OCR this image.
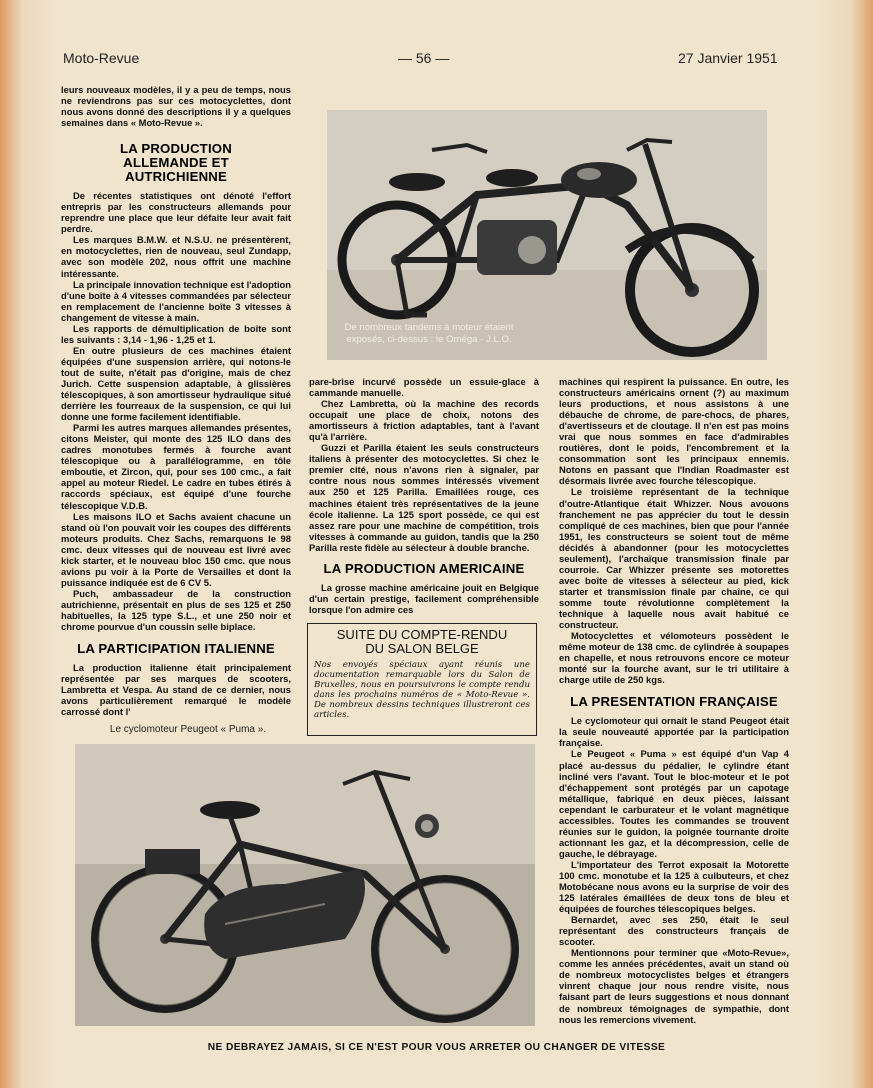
Moto-Revue	— 56 —	27 Janvier 1951

leurs nouveaux modèles, il y a peu de temps, nous ne reviendrons pas sur ces motocyclettes, dont nous avons donné des descriptions il y a quelques semaines dans « Moto-Revue ».

LA PRODUCTION ALLEMANDE ET AUTRICHIENNE

De récentes statistiques ont dénoté l'effort entrepris par les constructeurs allemands pour reprendre une place que leur défaite leur avait fait perdre.

Les marques B.M.W. et N.S.U. ne présentèrent, en motocyclettes, rien de nouveau, seul Zundapp, avec son modèle 202, nous offrit une machine intéressante.

La principale innovation technique est l'adoption d'une boîte à 4 vitesses commandées par sélecteur en remplacement de l'ancienne boîte 3 vitesses à changement de vitesse à main.

Les rapports de démultiplication de boîte sont les suivants : 3,14 - 1,96 - 1,25 et 1.

En outre plusieurs de ces machines étaient équipées d'une suspension arrière, qui notons-le tout de suite, n'était pas d'origine, mais de chez Jurich. Cette suspension adaptable, à glissières télescopiques, à son amortisseur hydraulique situé derrière les fourreaux de la suspension, ce qui lui donne une forme facilement identifiable.

Parmi les autres marques allemandes présentes, citons Meister, qui monte des 125 ILO dans des cadres monotubes fermés à fourche avant télescopique ou à parallélogramme, en tôle emboutie, et Zircon, qui, pour ses 100 cmc., a fait appel au moteur Riedel. Le cadre en tubes étirés à raccords spéciaux, est équipé d'une fourche télescopique V.D.B.

Les maisons ILO et Sachs avaient chacune un stand où l'on pouvait voir les coupes des différents moteurs produits. Chez Sachs, remarquons le 98 cmc. deux vitesses qui de nouveau est livré avec kick starter, et le nouveau bloc 150 cmc. que nous avions pu voir à la Porte de Versailles et dont la puissance indiquée est de 6 CV 5.

Puch, ambassadeur de la construction autrichienne, présentait en plus de ses 125 et 250 habituelles, la 125 type S.L., et une 250 noir et chrome pourvue d'un coussin selle biplace.

LA PARTICIPATION ITALIENNE

La production italienne était principalement représentée par ses marques de scooters, Lambretta et Vespa. Au stand de ce dernier, nous avons particulièrement remarqué le modèle carrossé dont l'

De nombreux tandems à moteur étaient exposés, ci-dessus : le Oméga - J.L.O.

pare-brise incurvé possède un essuie-glace à cammande manuelle.

Chez Lambretta, où la machine des records occupait une place de choix, notons des amortisseurs à friction adaptables, tant à l'avant qu'à l'arrière.

Guzzi et Parilla étaient les seuls constructeurs italiens à présenter des motocyclettes. Si chez le premier cité, nous n'avons rien à signaler, par contre nous nous sommes intéressés vivement aux 250 et 125 Parilla. Emaillées rouge, ces machines étaient très représentatives de la jeune école italienne. La 125 sport possède, ce qui est assez rare pour une machine de compétition, trois vitesses à commande au guidon, tandis que la 250 Parilla reste fidèle au sélecteur à double branche.

LA PRODUCTION AMERICAINE

La grosse machine américaine jouit en Belgique d'un certain prestige, facilement compréhensible lorsque l'on admire ces

SUITE DU COMPTE-RENDU
DU SALON BELGE
Nos envoyés spéciaux ayant réunis une documentation remarquable lors du Salon de Bruxelles, nous en poursuivrons le compte rendu dans les prochains numéros de « Moto-Revue ». De nombreux dessins techniques illustreront ces articles.

machines qui respirent la puissance. En outre, les constructeurs américains ornent (?) au maximum leurs productions, et nous assistons à une débauche de chrome, de pare-chocs, de phares, d'avertisseurs et de cloutage. Il n'en est pas moins vrai que nous sommes en face d'admirables routières, dont le poids, l'encombrement et la consommation sont les principaux ennemis. Notons en passant que l'Indian Roadmaster est désormais livrée avec fourche télescopique.

Le troisième représentant de la technique d'outre-Atlantique était Whizzer. Nous avouons franchement ne pas apprécier du tout le dessin compliqué de ces machines, bien que pour l'année 1951, les constructeurs se soient tout de même décidés à abandonner (pour les motocyclettes seulement), l'archaïque transmission finale par courroie. Car Whizzer présente ses motorettes avec boîte de vitesses à sélecteur au pied, kick starter et transmission finale par chaîne, ce qui somme toute révolutionne complètement la technique à laquelle nous avait habitué ce constructeur.

Motocyclettes et vélomoteurs possèdent le même moteur de 138 cmc. de cylindrée à soupapes en chapelle, et nous retrouvons encore ce moteur monté sur la fourche avant, sur le tri utilitaire à charge utile de 250 kgs.

LA PRESENTATION FRANÇAISE

Le cyclomoteur qui ornait le stand Peugeot était la seule nouveauté apportée par la participation française.

Le Peugeot « Puma » est équipé d'un Vap 4 placé au-dessus du pédalier, le cylindre étant incliné vers l'avant. Tout le bloc-moteur et le pot d'échappement sont protégés par un capotage métallique, fabriqué en deux pièces, laissant cependant le carburateur et le volant magnétique accessibles. Toutes les commandes se trouvent réunies sur le guidon, la poignée tournante droite actionnant les gaz, et la décompression, celle de gauche, le débrayage.

L'importateur des Terrot exposait la Motorette 100 cmc. monotube et la 125 à culbuteurs, et chez Motobécane nous avons eu la surprise de voir des 125 latérales émaillées de deux tons de bleu et équipées de fourches télescopiques belges.

Bernardet, avec ses 250, était le seul représentant des constructeurs français de scooter.

Mentionnons pour terminer que «Moto-Revue», comme les années précédentes, avait un stand où de nombreux motocyclistes belges et étrangers vinrent chaque jour nous rendre visite, nous faisant part de leurs suggestions et nous donnant de nombreux témoignages de sympathie, dont nous les remercions vivement.

Le cyclomoteur Peugeot « Puma ».
NE DEBRAYEZ JAMAIS, SI CE N'EST POUR VOUS ARRETER OU CHANGER DE VITESSE
